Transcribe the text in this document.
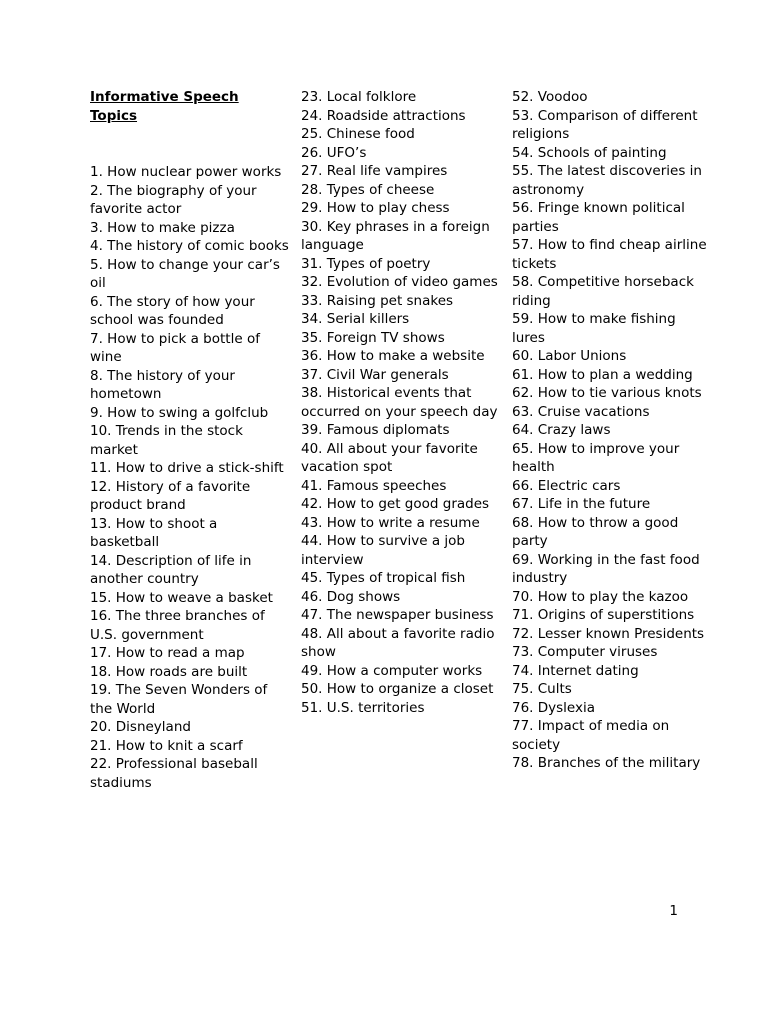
Informative Speech Topics
1. How nuclear power works
2. The biography of your favorite actor
3. How to make pizza
4. The history of comic books
5. How to change your car’s oil
6. The story of how your school was founded
7. How to pick a bottle of wine
8. The history of your hometown
9. How to swing a golfclub
10. Trends in the stock market
11. How to drive a stick-shift
12. History of a favorite product brand
13. How to shoot a basketball
14. Description of life in another country
15. How to weave a basket
16. The three branches of U.S. government
17. How to read a map
18. How roads are built
19. The Seven Wonders of the World
20. Disneyland
21. How to knit a scarf
22. Professional baseball stadiums
23. Local folklore
24. Roadside attractions
25. Chinese food
26. UFO’s
27. Real life vampires
28. Types of cheese
29. How to play chess
30. Key phrases in a foreign language
31. Types of poetry
32. Evolution of video games
33. Raising pet snakes
34. Serial killers
35. Foreign TV shows
36. How to make a website
37. Civil War generals
38. Historical events that occurred on your speech day
39. Famous diplomats
40. All about your favorite vacation spot
41. Famous speeches
42. How to get good grades
43. How to write a resume
44. How to survive a job interview
45. Types of tropical fish
46. Dog shows
47. The newspaper business
48. All about a favorite radio show
49. How a computer works
50. How to organize a closet
51. U.S. territories
52. Voodoo
53. Comparison of different religions
54. Schools of painting
55. The latest discoveries in astronomy
56. Fringe known political parties
57. How to find cheap airline tickets
58. Competitive horseback riding
59. How to make fishing lures
60. Labor Unions
61. How to plan a wedding
62. How to tie various knots
63. Cruise vacations
64. Crazy laws
65. How to improve your health
66. Electric cars
67. Life in the future
68. How to throw a good party
69. Working in the fast food industry
70. How to play the kazoo
71. Origins of superstitions
72. Lesser known Presidents
73. Computer viruses
74. Internet dating
75. Cults
76. Dyslexia
77. Impact of media on society
78. Branches of the military
1
